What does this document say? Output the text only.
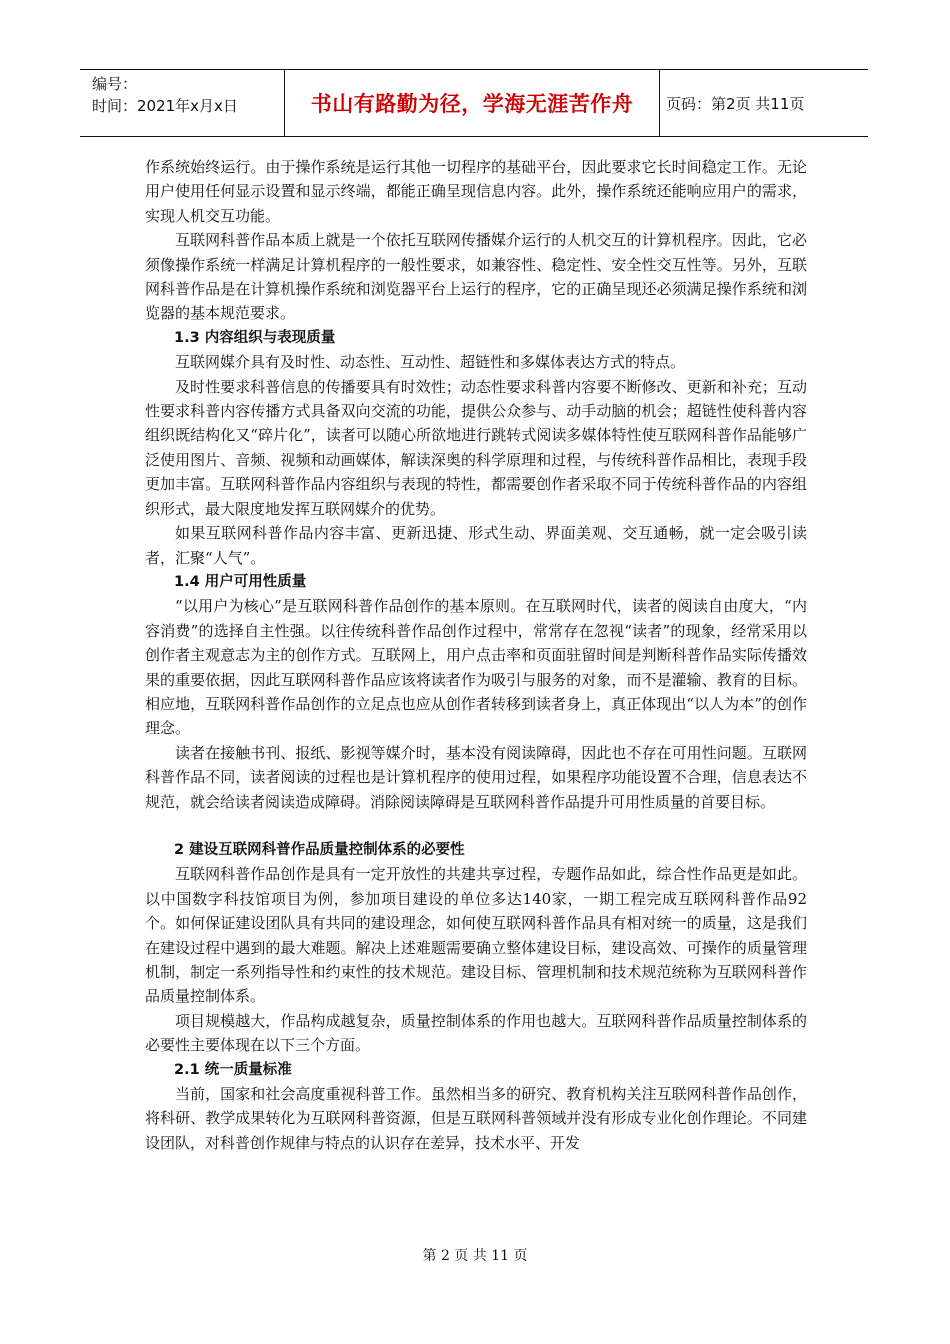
编号：
时间：2021年x月x日	书山有路勤为径，学海无涯苦作舟	页码：第2页 共11页

作系统始终运行。由于操作系统是运行其他一切程序的基础平台，因此要求它长时间稳定工作。无论用户使用任何显示设置和显示终端，都能正确呈现信息内容。此外，操作系统还能响应用户的需求，实现人机交互功能。

互联网科普作品本质上就是一个依托互联网传播媒介运行的人机交互的计算机程序。因此，它必须像操作系统一样满足计算机程序的一般性要求，如兼容性、稳定性、安全性交互性等。另外，互联网科普作品是在计算机操作系统和浏览器平台上运行的程序，它的正确呈现还必须满足操作系统和浏览器的基本规范要求。

1.3 内容组织与表现质量

互联网媒介具有及时性、动态性、互动性、超链性和多媒体表达方式的特点。

及时性要求科普信息的传播要具有时效性；动态性要求科普内容要不断修改、更新和补充；互动性要求科普内容传播方式具备双向交流的功能，提供公众参与、动手动脑的机会；超链性使科普内容组织既结构化又“碎片化”，读者可以随心所欲地进行跳转式阅读多媒体特性使互联网科普作品能够广泛使用图片、音频、视频和动画媒体，解读深奥的科学原理和过程，与传统科普作品相比，表现手段更加丰富。互联网科普作品内容组织与表现的特性，都需要创作者采取不同于传统科普作品的内容组织形式，最大限度地发挥互联网媒介的优势。

如果互联网科普作品内容丰富、更新迅捷、形式生动、界面美观、交互通畅，就一定会吸引读者，汇聚“人气”。

1.4 用户可用性质量

“以用户为核心”是互联网科普作品创作的基本原则。在互联网时代，读者的阅读自由度大，“内容消费”的选择自主性强。以往传统科普作品创作过程中，常常存在忽视“读者”的现象，经常采用以创作者主观意志为主的创作方式。互联网上，用户点击率和页面驻留时间是判断科普作品实际传播效果的重要依据，因此互联网科普作品应该将读者作为吸引与服务的对象，而不是灌输、教育的目标。相应地，互联网科普作品创作的立足点也应从创作者转移到读者身上，真正体现出“以人为本”的创作理念。

读者在接触书刊、报纸、影视等媒介时，基本没有阅读障碍，因此也不存在可用性问题。互联网科普作品不同，读者阅读的过程也是计算机程序的使用过程，如果程序功能设置不合理，信息表达不规范，就会给读者阅读造成障碍。消除阅读障碍是互联网科普作品提升可用性质量的首要目标。

2 建设互联网科普作品质量控制体系的必要性

互联网科普作品创作是具有一定开放性的共建共享过程，专题作品如此，综合性作品更是如此。以中国数字科技馆项目为例，参加项目建设的单位多达140家，一期工程完成互联网科普作品92个。如何保证建设团队具有共同的建设理念，如何使互联网科普作品具有相对统一的质量，这是我们在建设过程中遇到的最大难题。解决上述难题需要确立整体建设目标，建设高效、可操作的质量管理机制，制定一系列指导性和约束性的技术规范。建设目标、管理机制和技术规范统称为互联网科普作品质量控制体系。

项目规模越大，作品构成越复杂，质量控制体系的作用也越大。互联网科普作品质量控制体系的必要性主要体现在以下三个方面。

2.1 统一质量标准

当前，国家和社会高度重视科普工作。虽然相当多的研究、教育机构关注互联网科普作品创作，将科研、教学成果转化为互联网科普资源，但是互联网科普领域并没有形成专业化创作理论。不同建设团队，对科普创作规律与特点的认识存在差异，技术水平、开发

第 2 页 共 11 页
